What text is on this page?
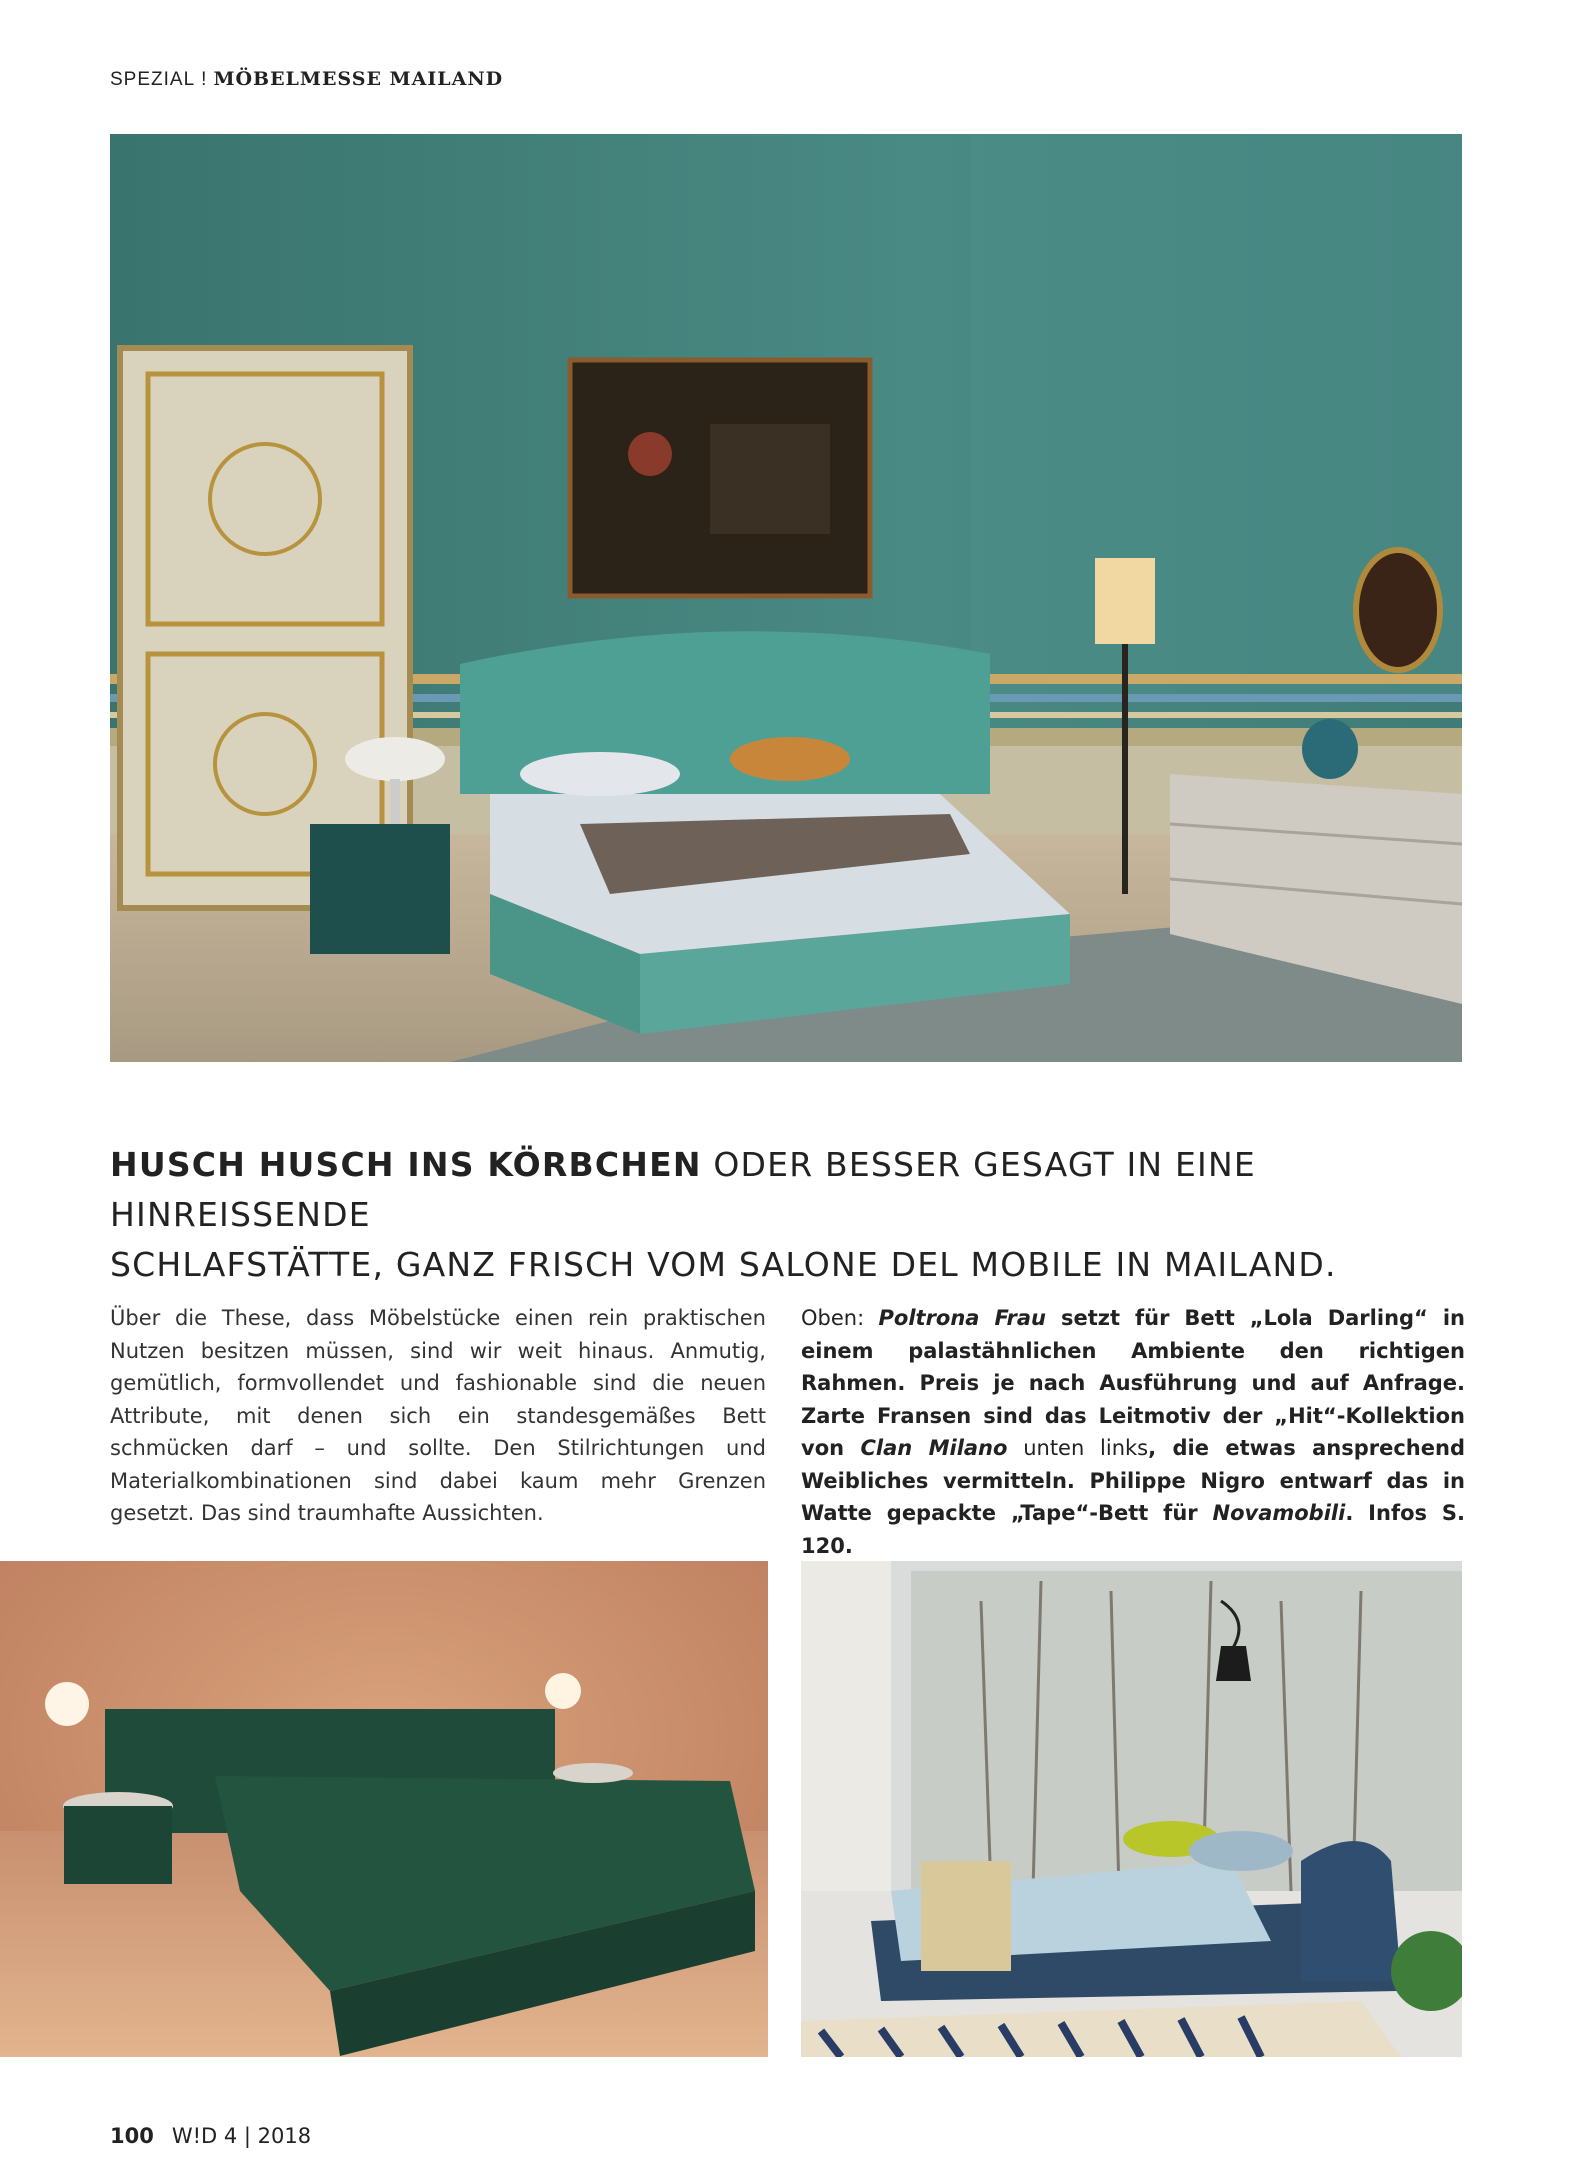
SPEZIAL ! MÖBELMESSE MAILAND
HUSCH HUSCH INS KÖRBCHEN ODER BESSER GESAGT IN EINE HINREISSENDE
SCHLAFSTÄTTE, GANZ FRISCH VOM SALONE DEL MOBILE IN MAILAND.
Über die These, dass Möbelstücke einen rein praktischen Nutzen besitzen müssen, sind wir weit hinaus. Anmutig, gemütlich, formvollendet und fashionable sind die neuen Attribute, mit denen sich ein standesgemäßes Bett schmücken darf – und sollte. Den Stilrichtungen und Materialkombinationen sind dabei kaum mehr Grenzen gesetzt. Das sind traumhafte Aussichten.
Oben: Poltrona Frau setzt für Bett „Lola Darling“ in einem palastähnlichen Ambiente den richtigen Rahmen. Preis je nach Ausführung und auf Anfrage. Zarte Fransen sind das Leitmotiv der „Hit“-Kollektion von Clan Milano unten links, die etwas ansprechend Weibliches vermitteln. Philippe Nigro entwarf das in Watte gepackte „Tape“-Bett für Novamobili. Infos S. 120.
100 W!D 4 | 2018
